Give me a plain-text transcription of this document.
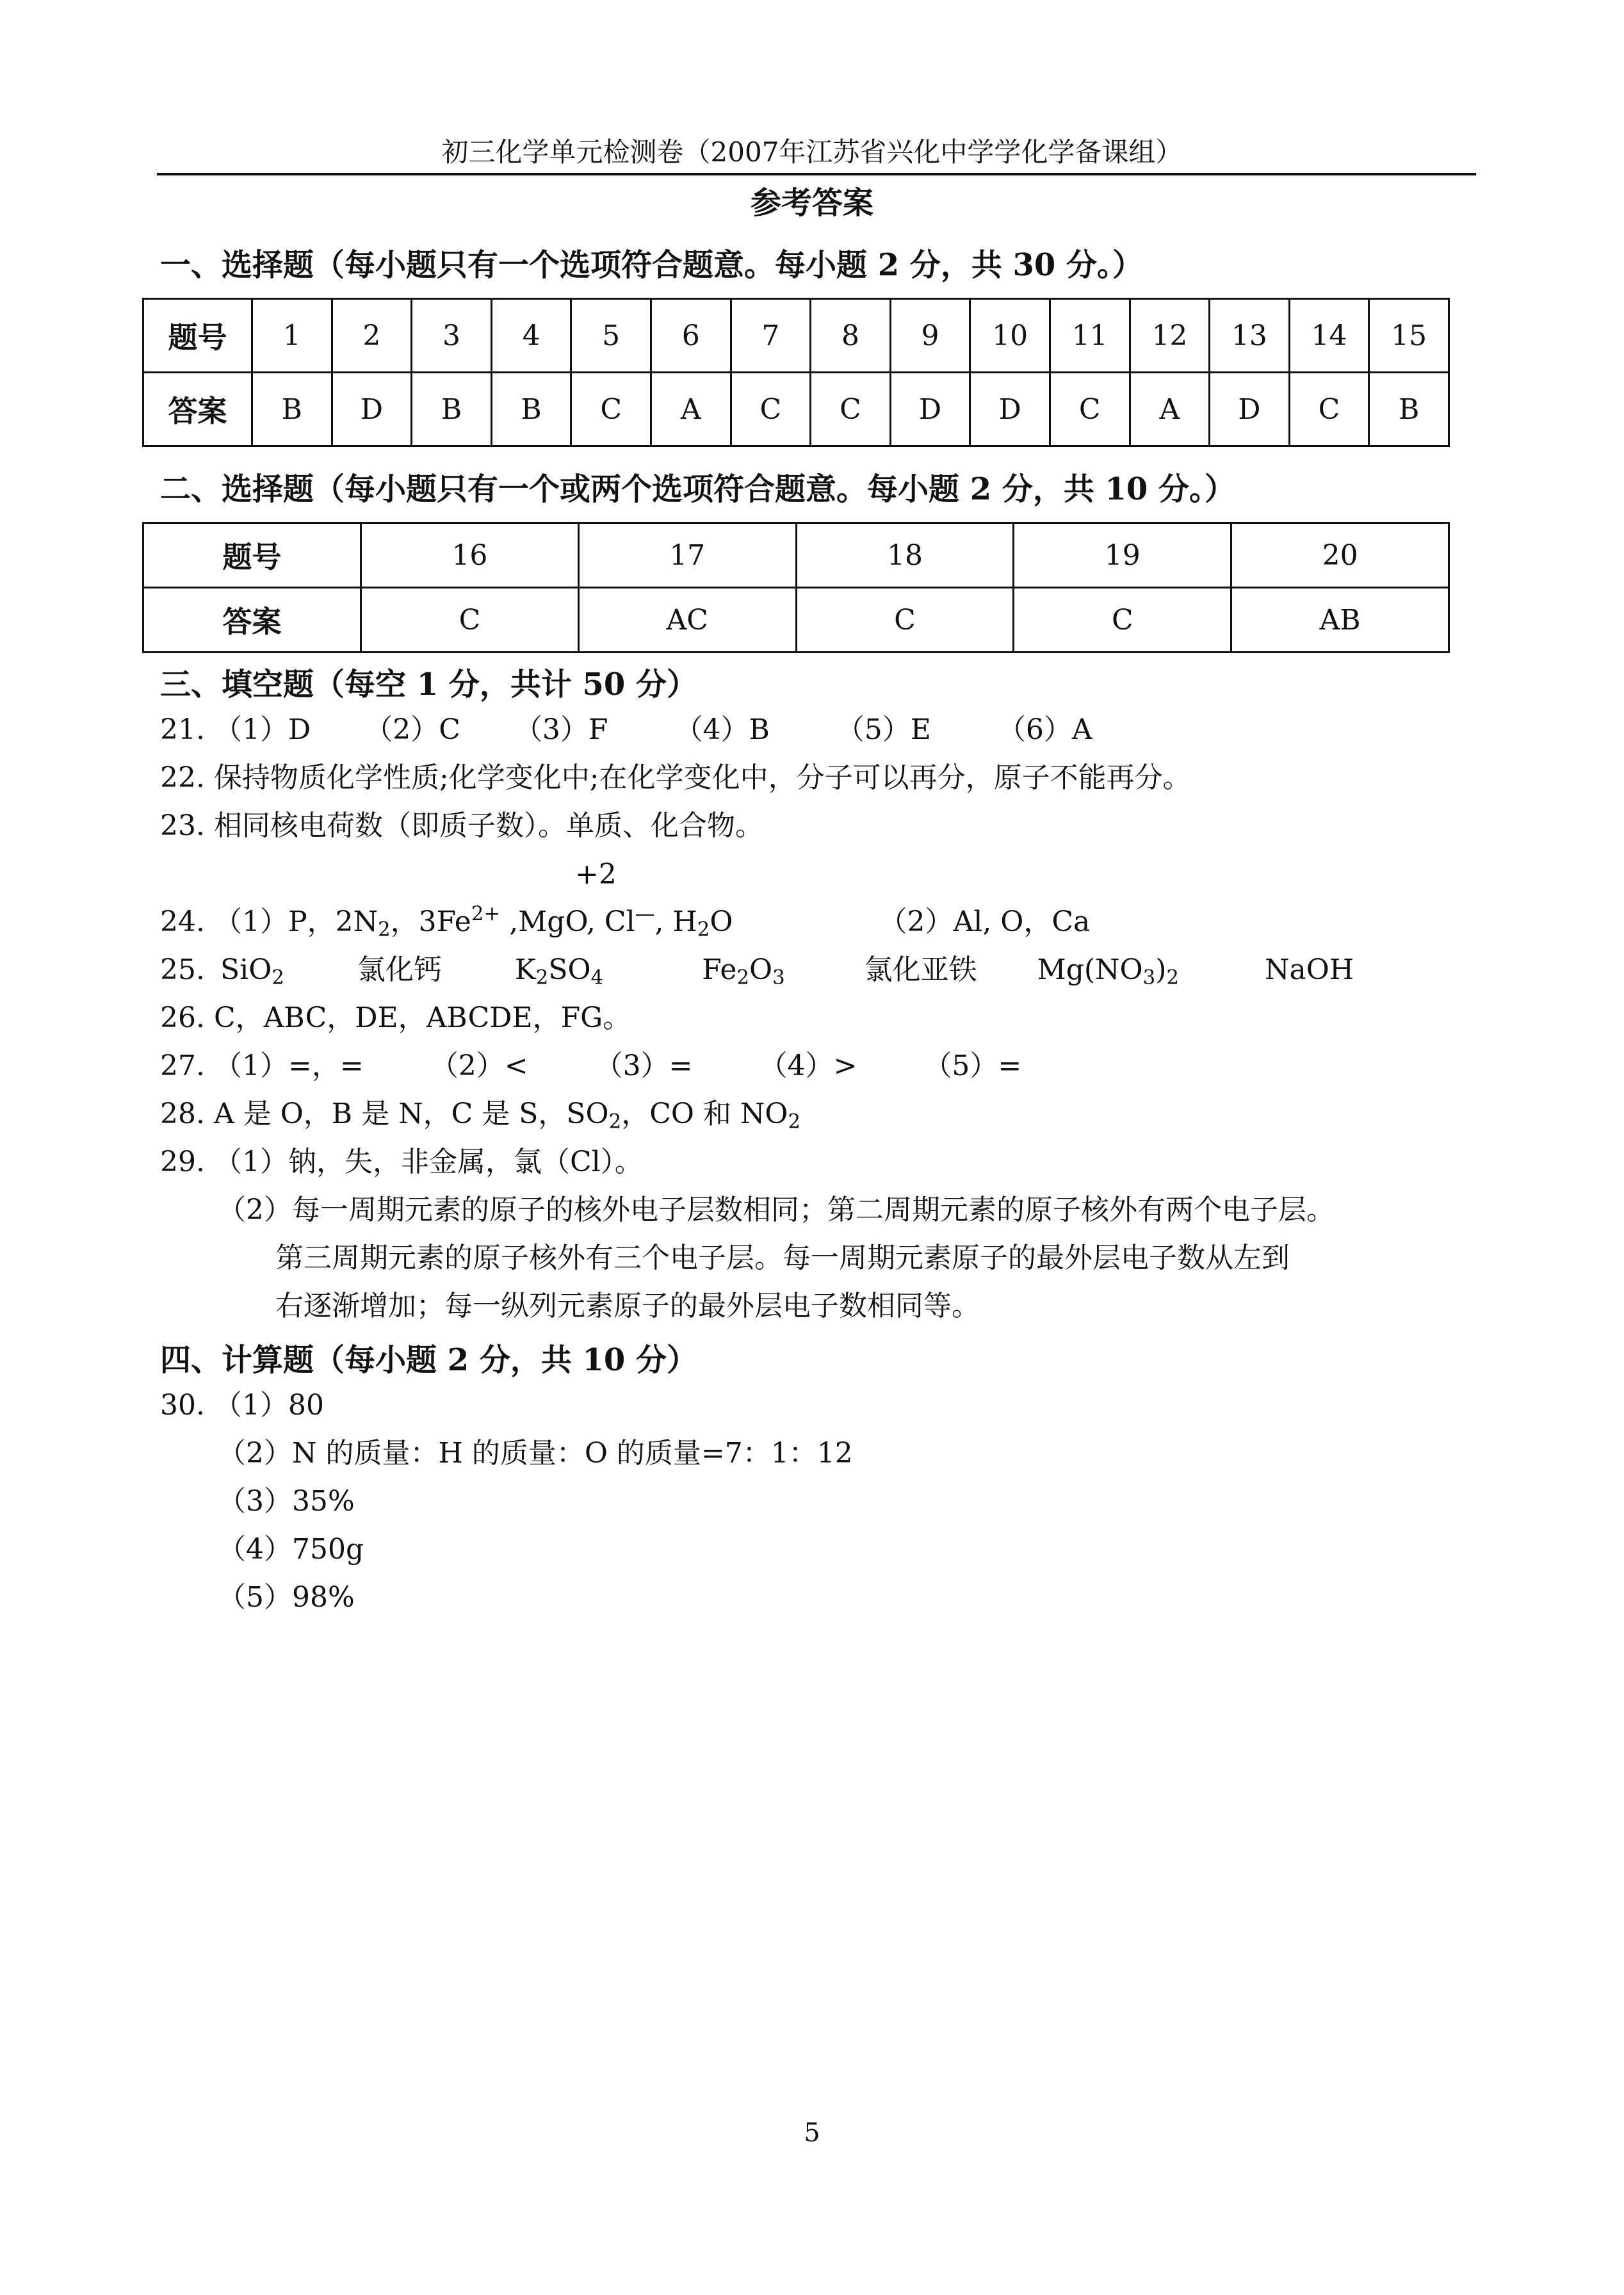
初三化学单元检测卷（2007年江苏省兴化中学学化学备课组）
参考答案
一、选择题（每小题只有一个选项符合题意。每小题 2 分，共 30 分。）
题号	1	2	3	4	5	6	7	8	9	10	11	12	13	14	15
答案	B	D	B	B	C	A	C	C	D	D	C	A	D	C	B
二、选择题（每小题只有一个或两个选项符合题意。每小题 2 分，共 10 分。）
题号	16	17	18	19	20
答案	C	AC	C	C	AB
三、填空题（每空 1 分，共计 50 分）
21. （1）D （2）C （3）F （4）B （5）E （6）A
22. 保持物质化学性质;化学变化中;在化学变化中，分子可以再分，原子不能再分。
23. 相同核电荷数（即质子数）。单质、化合物。
+2
24. （1）P，$2N_2$，$3Fe^{2+}$ ,MgO, Cl—, $H_2O$	（2）Al, O，Ca
25. SiO$_2$	氯化钙	$K_2SO_4$	$Fe_2O_3$	氯化亚铁 $Mg(NO_3)_2$	NaOH
26. C，ABC，DE，ABCDE，FG。
27. （1）=，= （2）< （3）= （4）> （5）=
28. A 是 O，B 是 N，C 是 S，$SO_2$，CO 和 $NO_2$
29. （1）钠，失，非金属，氯（Cl）。
（2）每一周期元素的原子的核外电子层数相同；第二周期元素的原子核外有两个电子层。
第三周期元素的原子核外有三个电子层。每一周期元素原子的最外层电子数从左到
右逐渐增加；每一纵列元素原子的最外层电子数相同等。
四、计算题（每小题 2 分，共 10 分）
30. （1）80
（2）N 的质量：H 的质量：O 的质量=7：1：12
（3）35%
（4）750g
（5）98%
5
